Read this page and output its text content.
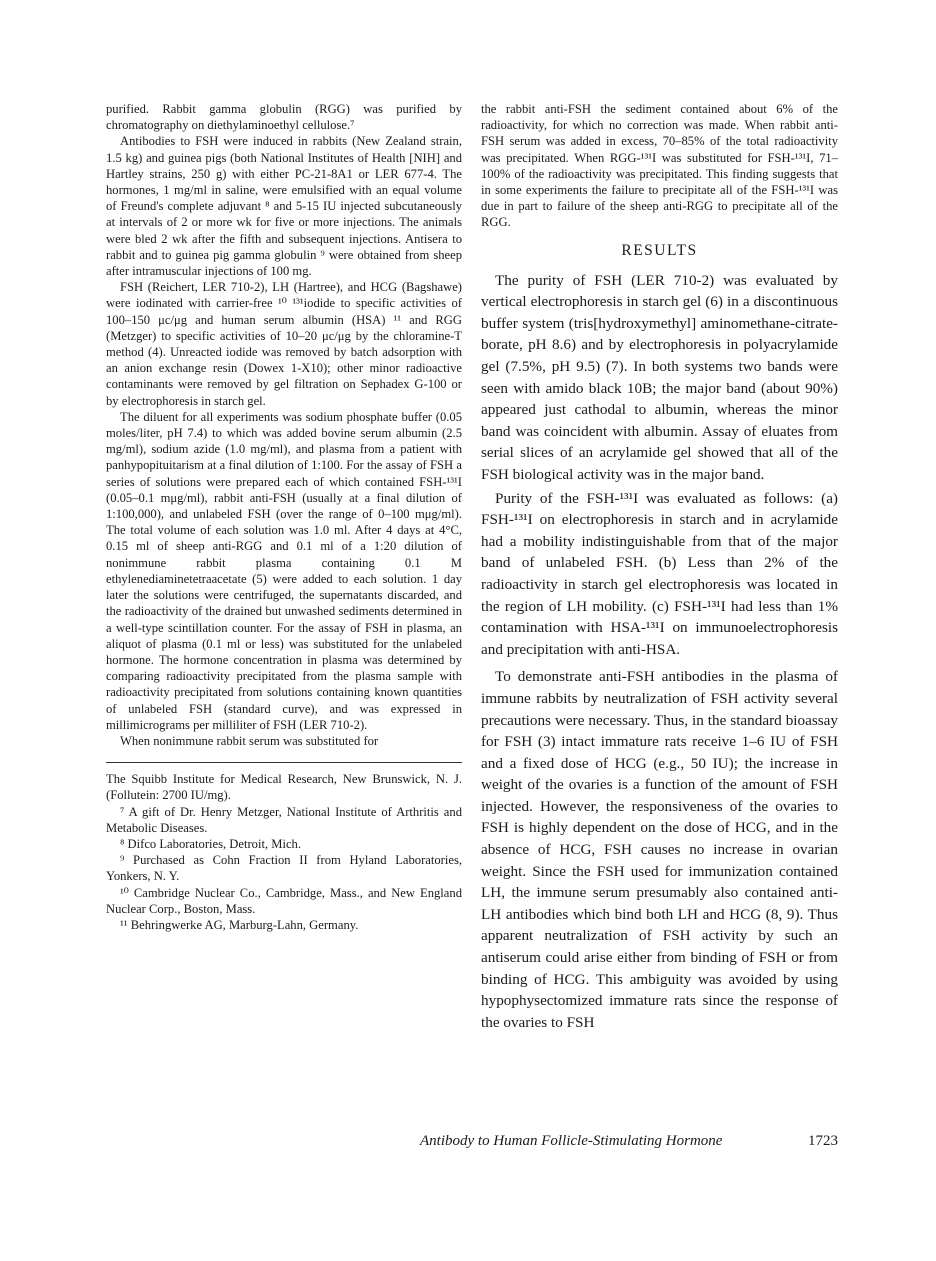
purified. Rabbit gamma globulin (RGG) was purified by chromatography on diethylaminoethyl cellulose.⁷

Antibodies to FSH were induced in rabbits (New Zealand strain, 1.5 kg) and guinea pigs (both National Institutes of Health [NIH] and Hartley strains, 250 g) with either PC-21-8A1 or LER 677-4. The hormones, 1 mg/ml in saline, were emulsified with an equal volume of Freund's complete adjuvant ⁸ and 5-15 IU injected subcutaneously at intervals of 2 or more wk for five or more injections. The animals were bled 2 wk after the fifth and subsequent injections. Antisera to rabbit and to guinea pig gamma globulin ⁹ were obtained from sheep after intramuscular injections of 100 mg.

FSH (Reichert, LER 710-2), LH (Hartree), and HCG (Bagshawe) were iodinated with carrier-free ¹⁰ ¹³¹iodide to specific activities of 100–150 μc/μg and human serum albumin (HSA) ¹¹ and RGG (Metzger) to specific activities of 10–20 μc/μg by the chloramine-T method (4). Unreacted iodide was removed by batch adsorption with an anion exchange resin (Dowex 1-X10); other minor radioactive contaminants were removed by gel filtration on Sephadex G-100 or by electrophoresis in starch gel.

The diluent for all experiments was sodium phosphate buffer (0.05 moles/liter, pH 7.4) to which was added bovine serum albumin (2.5 mg/ml), sodium azide (1.0 mg/ml), and plasma from a patient with panhypopituitarism at a final dilution of 1:100. For the assay of FSH a series of solutions were prepared each of which contained FSH-¹³¹I (0.05–0.1 mμg/ml), rabbit anti-FSH (usually at a final dilution of 1:100,000), and unlabeled FSH (over the range of 0–100 mμg/ml). The total volume of each solution was 1.0 ml. After 4 days at 4°C, 0.15 ml of sheep anti-RGG and 0.1 ml of a 1:20 dilution of nonimmune rabbit plasma containing 0.1 M ethylenediaminetetraacetate (5) were added to each solution. 1 day later the solutions were centrifuged, the supernatants discarded, and the radioactivity of the drained but unwashed sediments determined in a well-type scintillation counter. For the assay of FSH in plasma, an aliquot of plasma (0.1 ml or less) was substituted for the unlabeled hormone. The hormone concentration in plasma was determined by comparing radioactivity precipitated from the plasma sample with radioactivity precipitated from solutions containing known quantities of unlabeled FSH (standard curve), and was expressed in millimicrograms per milliliter of FSH (LER 710-2).

When nonimmune rabbit serum was substituted for

The Squibb Institute for Medical Research, New Brunswick, N. J. (Follutein: 2700 IU/mg).

⁷ A gift of Dr. Henry Metzger, National Institute of Arthritis and Metabolic Diseases.

⁸ Difco Laboratories, Detroit, Mich.

⁹ Purchased as Cohn Fraction II from Hyland Laboratories, Yonkers, N. Y.

¹⁰ Cambridge Nuclear Co., Cambridge, Mass., and New England Nuclear Corp., Boston, Mass.

¹¹ Behringwerke AG, Marburg-Lahn, Germany.

the rabbit anti-FSH the sediment contained about 6% of the radioactivity, for which no correction was made. When rabbit anti-FSH serum was added in excess, 70–85% of the total radioactivity was precipitated. When RGG-¹³¹I was substituted for FSH-¹³¹I, 71–100% of the radioactivity was precipitated. This finding suggests that in some experiments the failure to precipitate all of the FSH-¹³¹I was due in part to failure of the sheep anti-RGG to precipitate all of the RGG.

RESULTS

The purity of FSH (LER 710-2) was evaluated by vertical electrophoresis in starch gel (6) in a discontinuous buffer system (tris[hydroxymethyl] aminomethane-citrate-borate, pH 8.6) and by electrophoresis in polyacrylamide gel (7.5%, pH 9.5) (7). In both systems two bands were seen with amido black 10B; the major band (about 90%) appeared just cathodal to albumin, whereas the minor band was coincident with albumin. Assay of eluates from serial slices of an acrylamide gel showed that all of the FSH biological activity was in the major band.

Purity of the FSH-¹³¹I was evaluated as follows: (a) FSH-¹³¹I on electrophoresis in starch and in acrylamide had a mobility indistinguishable from that of the major band of unlabeled FSH. (b) Less than 2% of the radioactivity in starch gel electrophoresis was located in the region of LH mobility. (c) FSH-¹³¹I had less than 1% contamination with HSA-¹³¹I on immunoelectrophoresis and precipitation with anti-HSA.

To demonstrate anti-FSH antibodies in the plasma of immune rabbits by neutralization of FSH activity several precautions were necessary. Thus, in the standard bioassay for FSH (3) intact immature rats receive 1–6 IU of FSH and a fixed dose of HCG (e.g., 50 IU); the increase in weight of the ovaries is a function of the amount of FSH injected. However, the responsiveness of the ovaries to FSH is highly dependent on the dose of HCG, and in the absence of HCG, FSH causes no increase in ovarian weight. Since the FSH used for immunization contained LH, the immune serum presumably also contained anti-LH antibodies which bind both LH and HCG (8, 9). Thus apparent neutralization of FSH activity by such an antiserum could arise either from binding of FSH or from binding of HCG. This ambiguity was avoided by using hypophysectomized immature rats since the response of the ovaries to FSH

Antibody to Human Follicle-Stimulating Hormone	1723
